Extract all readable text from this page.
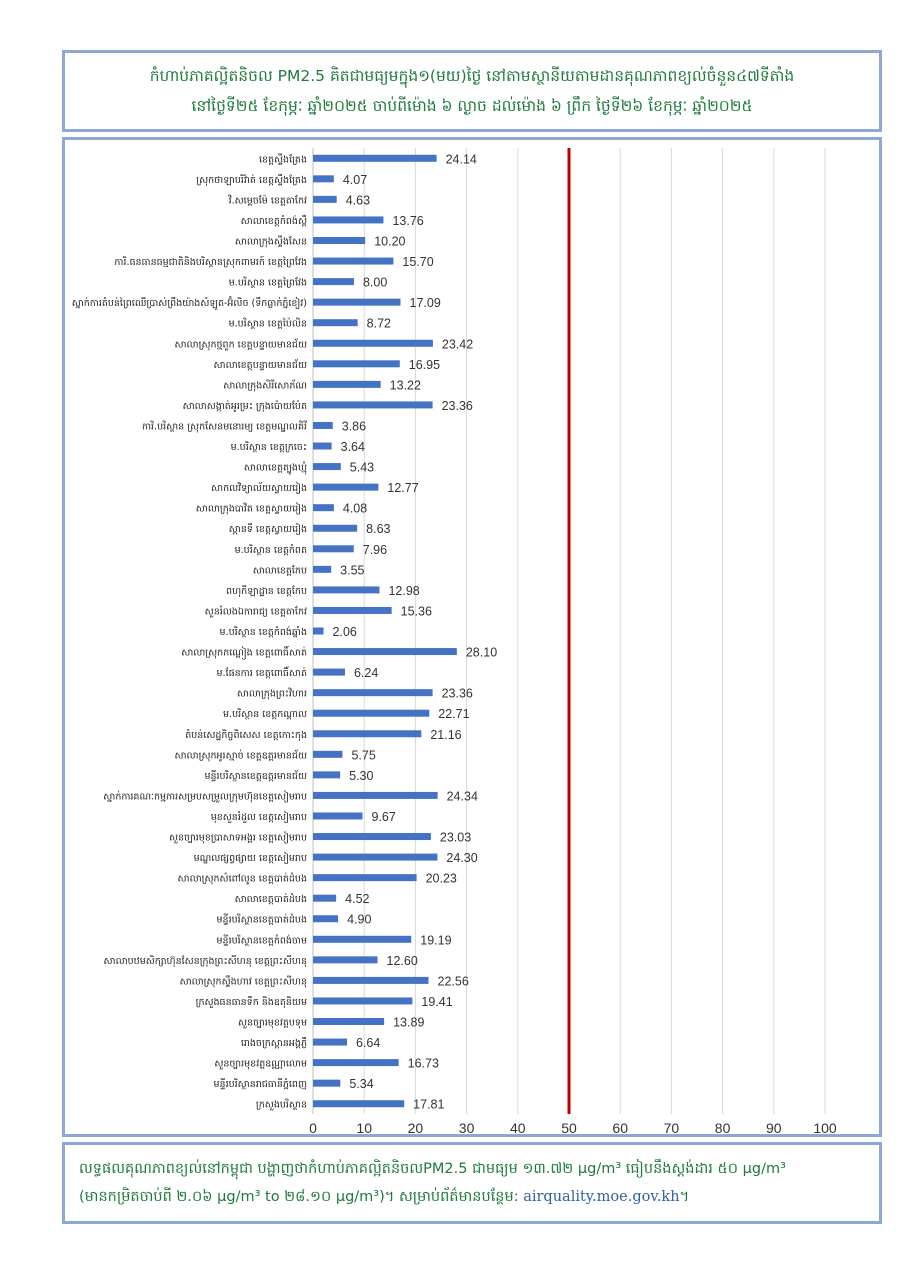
កំហាប់ភាគល្អិតនិចល PM2.5 គិតជាមធ្យមក្នុង១(មយ)ថ្ងៃ នៅតាមស្ថានីយតាមដានគុណភាពខ្យល់ចំនួន៤៧ទីតាំង
នៅថ្ងៃទី២៥ ខែកុម្ភៈ ឆ្នាំ២០២៥ ចាប់ពីម៉ោង ៦ ល្ងាច ដល់ម៉ោង ៦ ព្រឹក ថ្ងៃទី២៦ ខែកុម្ភៈ ឆ្នាំ២០២៥
0	10	20	30	40	50	60	70	80	90 100
24.14
ខេត្តស្ទឹងត្រែង
4.07
ស្រុកថាឡាបរិវ៉ាត់ ខេត្តស្ទឹងត្រែង
4.63
វិ.សម្តេចម៉ែ ខេត្តតាកែវ
13.76
សាលាខេត្តកំពង់ស្ពឺ
10.20
សាលាក្រុងស្ទឹងសែន
15.70
ការិ.ធនធានធម្មជាតិនិងបរិស្ថានស្រុកពាមរក៍ ខេត្តព្រៃវែង
8.00
ម.បរិស្ថាន ខេត្តព្រៃវែង
17.09
ស្នាក់ការតំបន់ព្រៃឈើប្រាស់ព្រឹងយ៉ាងសំឡូត-អ៊ំលិច (ទឹកធ្លាក់ភ្នំខៀវ)
8.72
ម.បរិស្ថាន ខេត្តប៉ៃលិន
23.42
សាលាស្រុកថ្មពួក ខេត្តបន្ទាយមានជ័យ
16.95
សាលាខេត្តបន្ទាយមានជ័យ
13.22
សាលាក្រុងសិរីសោភ័ណ
23.36
សាលាសង្កាត់អូរម្រះ ក្រុងប៉ោយប៉ែត
3.86
ការិ.បរិស្ថាន ស្រុកសែនមនោរម្យ ខេត្តមណ្ឌលគិរី
3.64
ម.បរិស្ថាន ខេត្តក្រចេះ
5.43
សាលាខេត្តត្បូងឃ្មុំ
12.77
សាកលវិទ្យាល័យស្វាយរៀង
4.08
សាលាក្រុងបាវិត ខេត្តស្វាយរៀង
8.63
ស្ពានទី ខេត្តស្វាយរៀង
7.96
ម.បរិស្ថាន ខេត្តកំពត
3.55
សាលាខេត្តកែប
12.98
ពហុកីឡាដ្ឋាន ខេត្តកែប
15.36
សួនរំលងឯការាជ្យ ខេត្តតាកែវ
2.06
ម.បរិស្ថាន ខេត្តកំពង់ឆ្នាំង
28.10
សាលាស្រុកកណ្តៀង ខេត្តពោធិ៍សាត់
6.24
ម.ផែនការ ខេត្តពោធិ៍សាត់
23.36
សាលាក្រុងព្រះវិហារ
22.71
ម.បរិស្ថាន ខេត្តកណ្តាល
21.16
តំបន់សេដ្ឋកិច្ចពិសេស ខេត្តកោះកុង
5.75
សាលាស្រុកអូរស្មាច់ ខេត្តឧត្តរមានជ័យ
5.30
មន្ទីរបរិស្ថានខេត្តឧត្តរមានជ័យ
24.34
ស្នាក់ការគណៈកម្មការសម្របសម្រួលក្រុមហ៊ុនខេត្តសៀមរាប
9.67
មុខសួនរំដួល ខេត្តសៀមរាប
23.03
សួនច្បារមុខប្រាសាទអង្គរ ខេត្តសៀមរាប
24.30
មណ្ឌលផ្សព្វផ្សាយ ខេត្តសៀមរាប
20.23
សាលាស្រុកសំពៅលូន ខេត្តបាត់ដំបង
4.52
សាលាខេត្តបាត់ដំបង
4.90
មន្ទីរបរិស្ថានខេត្តបាត់ដំបង
19.19
មន្ទីរបរិស្ថានខេត្តកំពង់ចាម
12.60
សាលាបឋមសិក្សាហ៊ុនសែនក្រុងព្រះសីហនុ ខេត្តព្រះសីហនុ
22.56
សាលាស្រុកស្ទឹងហាវ ខេត្តព្រះសីហនុ
19.41
ក្រសួងធនធានទឹក និងឧតុនិយម
13.89
សួនច្បារមុខវត្តបទុម
6.64
រោងចក្រស្ពានអង្គភ្លឺ
16.73
សួនច្បារមុខវត្តឧណ្ណាលោម
5.34
មន្ទីរបរិស្ថានរាជធានីភ្នំពេញ
17.81
ក្រសួងបរិស្ថាន
លទ្ធផលគុណភាពខ្យល់នៅកម្ពុជា បង្ហាញថាកំហាប់ភាគល្អិតនិចលPM2.5 ជាមធ្យម ១៣.៧២ µg/m³ ធៀបនឹងស្តង់ដារ ៥០ µg/m³
(មានកម្រិតចាប់ពី ២.០៦ µg/m³ to ២៨.១០ µg/m³)។ សម្រាប់ព័ត៌មានបន្ថែម: airquality.moe.gov.kh។
